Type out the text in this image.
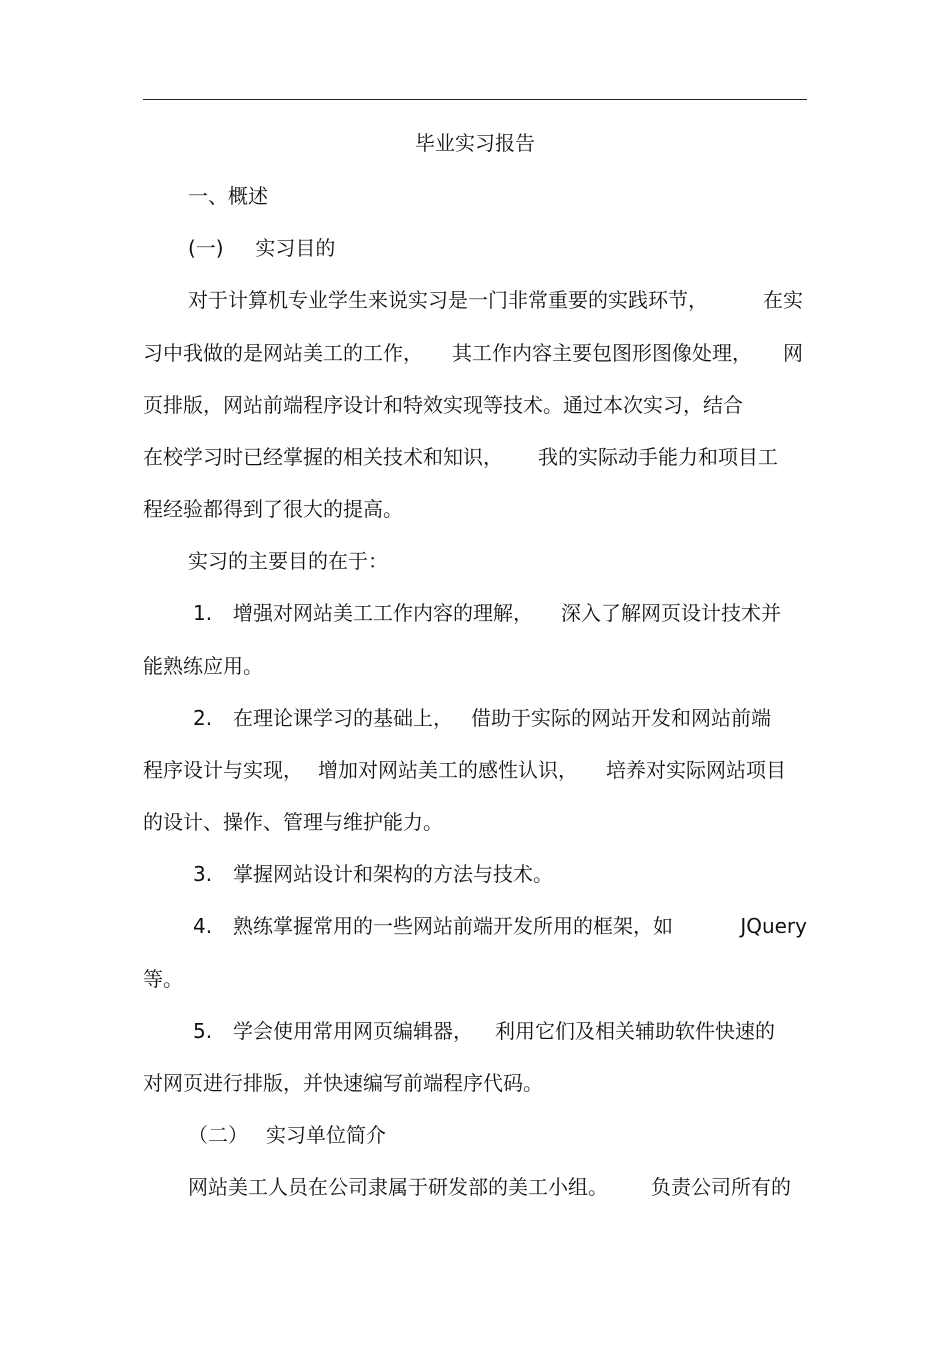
毕业实习报告
一、概述
(一)     实习目的
对于计算机专业学生来说实习是一门非常重要的实践环节，	在实
习中我做的是网站美工的工作， 其工作内容主要包图形图像处理， 网
页排版，网站前端程序设计和特效实现等技术。通过本次实习，结合
在校学习时已经掌握的相关技术和知识， 我的实际动手能力和项目工
程经验都得到了很大的提高。
实习的主要目的在于：
1. 增强对网站美工工作内容的理解， 深入了解网页设计技术并
能熟练应用。
2. 在理论课学习的基础上， 借助于实际的网站开发和网站前端
程序设计与实现， 增加对网站美工的感性认识， 培养对实际网站项目
的设计、操作、管理与维护能力。
3. 掌握网站设计和架构的方法与技术。
4. 熟练掌握常用的一些网站前端开发所用的框架，如	JQuery
等。
5. 学会使用常用网页编辑器， 利用它们及相关辅助软件快速的
对网页进行排版，并快速编写前端程序代码。
（二） 实习单位简介
网站美工人员在公司隶属于研发部的美工小组。 负责公司所有的
